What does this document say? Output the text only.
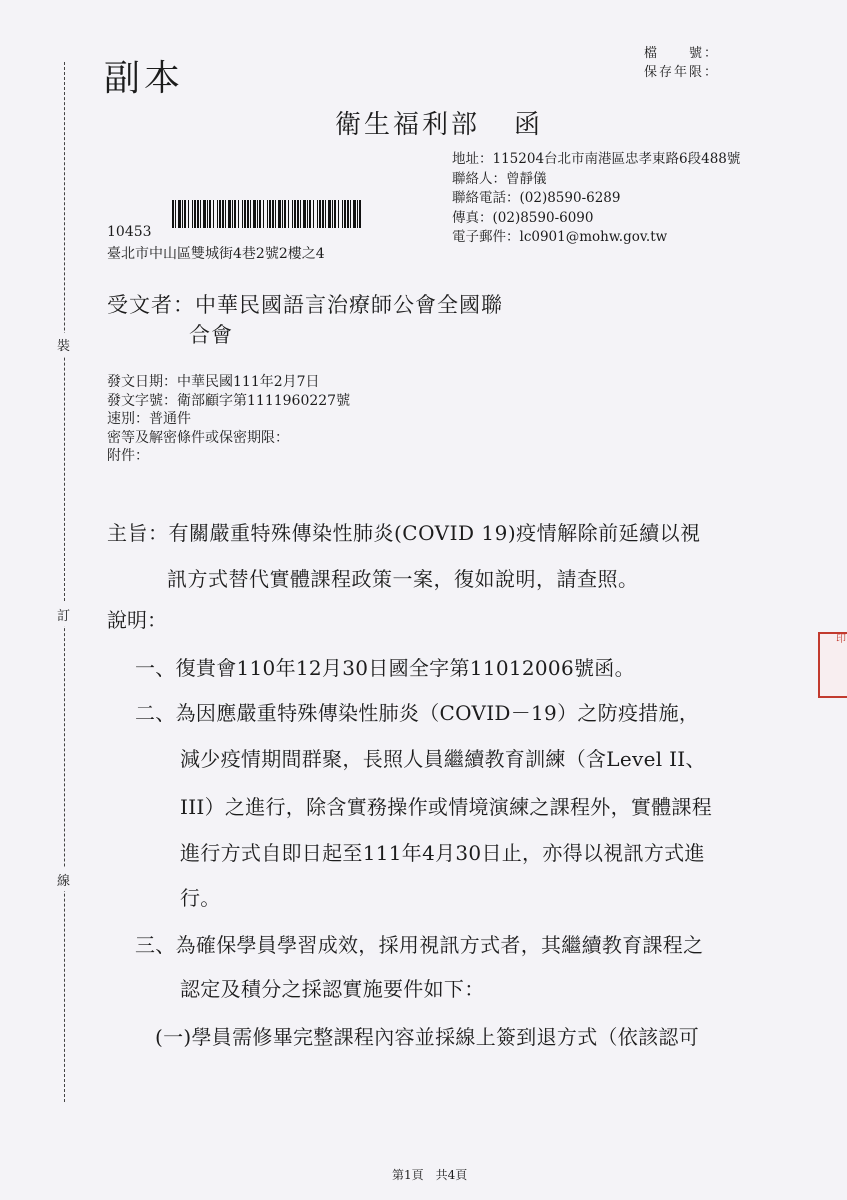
裝
訂
線
副本
檔　　號：
保存年限：
衛生福利部 函
地址：115204台北市南港區忠孝東路6段488號
聯絡人：曾靜儀
聯絡電話：(02)8590-6289
傳真：(02)8590-6090
電子郵件：lc0901@mohw.gov.tw
10453
臺北市中山區雙城街4巷2號2樓之4
受文者：中華民國語言治療師公會全國聯
合會
發文日期：中華民國111年2月7日
發文字號：衛部顧字第1111960227號
速別：普通件
密等及解密條件或保密期限：
附件：
主旨：有關嚴重特殊傳染性肺炎(COVID 19)疫情解除前延續以視
訊方式替代實體課程政策一案，復如說明，請查照。
說明：
一、復貴會110年12月30日國全字第11012006號函。
二、為因應嚴重特殊傳染性肺炎（COVID－19）之防疫措施，
減少疫情期間群聚，長照人員繼續教育訓練（含Level II、
III）之進行，除含實務操作或情境演練之課程外，實體課程
進行方式自即日起至111年4月30日止，亦得以視訊方式進
行。
三、為確保學員學習成效，採用視訊方式者，其繼續教育課程之
認定及積分之採認實施要件如下：
(一)學員需修畢完整課程內容並採線上簽到退方式（依該認可
印
第1頁　共4頁
